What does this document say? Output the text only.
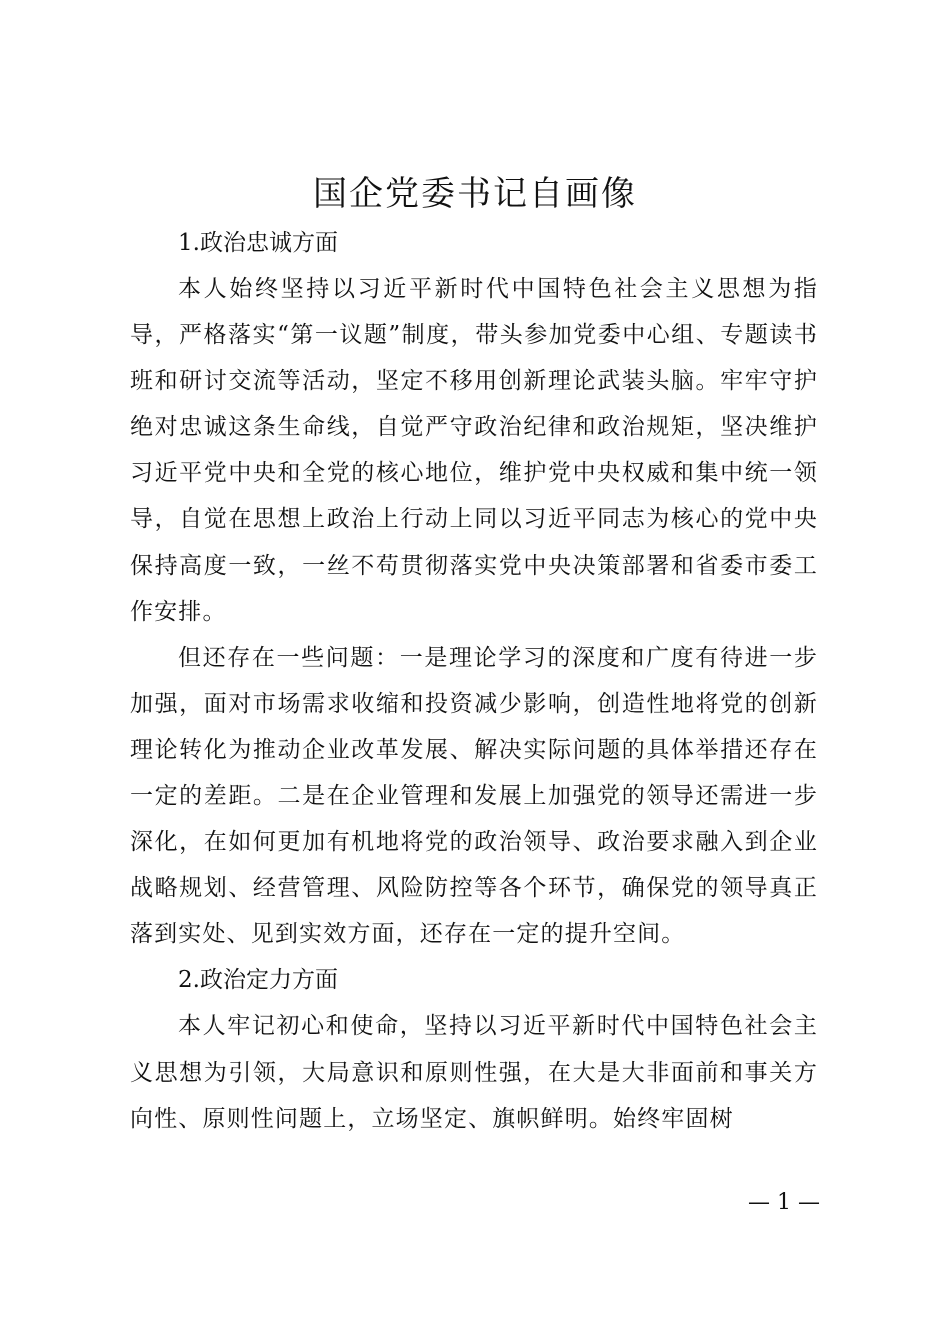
国企党委书记自画像
1.政治忠诚方面

本人始终坚持以习近平新时代中国特色社会主义思想为指导，严格落实“第一议题”制度，带头参加党委中心组、专题读书班和研讨交流等活动，坚定不移用创新理论武装头脑。牢牢守护绝对忠诚这条生命线，自觉严守政治纪律和政治规矩，坚决维护习近平党中央和全党的核心地位，维护党中央权威和集中统一领导，自觉在思想上政治上行动上同以习近平同志为核心的党中央保持高度一致，一丝不苟贯彻落实党中央决策部署和省委市委工作安排。

但还存在一些问题：一是理论学习的深度和广度有待进一步加强，面对市场需求收缩和投资减少影响，创造性地将党的创新理论转化为推动企业改革发展、解决实际问题的具体举措还存在一定的差距。二是在企业管理和发展上加强党的领导还需进一步深化，在如何更加有机地将党的政治领导、政治要求融入到企业战略规划、经营管理、风险防控等各个环节，确保党的领导真正落到实处、见到实效方面，还存在一定的提升空间。

2.政治定力方面

本人牢记初心和使命，坚持以习近平新时代中国特色社会主义思想为引领，大局意识和原则性强，在大是大非面前和事关方向性、原则性问题上，立场坚定、旗帜鲜明。始终牢固树

— 1 —
